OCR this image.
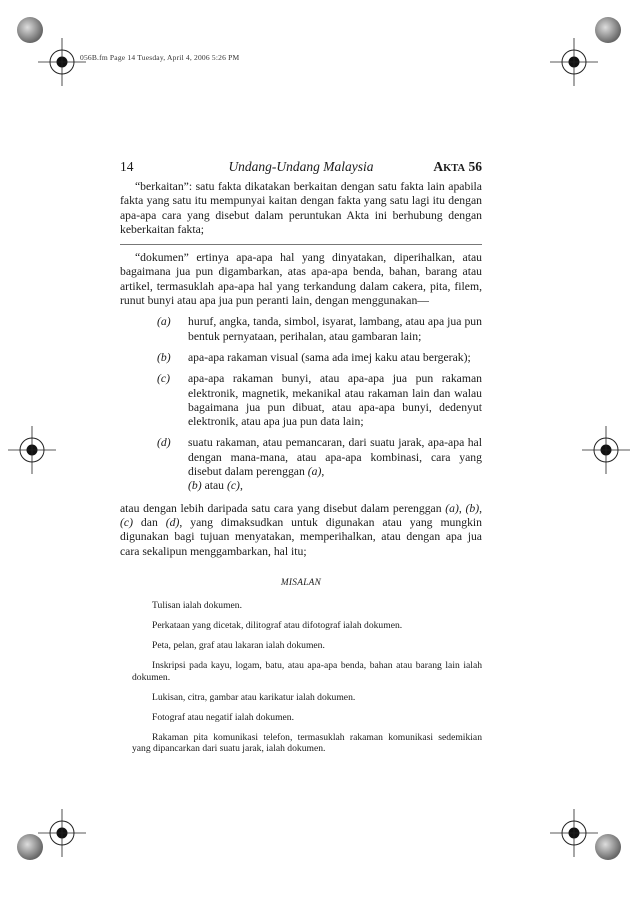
056B.fm Page 14 Tuesday, April 4, 2006 5:26 PM
14	Undang-Undang Malaysia	AKTA 56

“berkaitan”: satu fakta dikatakan berkaitan dengan satu fakta lain apabila fakta yang satu itu mempunyai kaitan dengan fakta yang satu lagi itu dengan apa-apa cara yang disebut dalam peruntukan Akta ini berhubung dengan keberkaitan fakta;

“dokumen” ertinya apa-apa hal yang dinyatakan, diperihalkan, atau bagaimana jua pun digambarkan, atas apa-apa benda, bahan, barang atau artikel, termasuklah apa-apa hal yang terkandung dalam cakera, pita, filem, runut bunyi atau apa jua pun peranti lain, dengan menggunakan—

(a) huruf, angka, tanda, simbol, isyarat, lambang, atau apa jua pun bentuk pernyataan, perihalan, atau gambaran lain;
(b) apa-apa rakaman visual (sama ada imej kaku atau bergerak);
(c) apa-apa rakaman bunyi, atau apa-apa jua pun rakaman elektronik, magnetik, mekanikal atau rakaman lain dan walau bagaimana jua pun dibuat, atau apa-apa bunyi, dedenyut elektronik, atau apa jua pun data lain;
(d) suatu rakaman, atau pemancaran, dari suatu jarak, apa-apa hal dengan mana-mana, atau apa-apa kombinasi, cara yang disebut dalam perenggan (a),
(b) atau (c),

atau dengan lebih daripada satu cara yang disebut dalam perenggan (a), (b), (c) dan (d), yang dimaksudkan untuk digunakan atau yang mungkin digunakan bagi tujuan menyatakan, memperihalkan, atau dengan apa jua cara sekalipun menggambarkan, hal itu;

MISALAN

Tulisan ialah dokumen.

Perkataan yang dicetak, dilitograf atau difotograf ialah dokumen.

Peta, pelan, graf atau lakaran ialah dokumen.

Inskripsi pada kayu, logam, batu, atau apa-apa benda, bahan atau barang lain ialah dokumen.

Lukisan, citra, gambar atau karikatur ialah dokumen.

Fotograf atau negatif ialah dokumen.

Rakaman pita komunikasi telefon, termasuklah rakaman komunikasi sedemikian yang dipancarkan dari suatu jarak, ialah dokumen.
